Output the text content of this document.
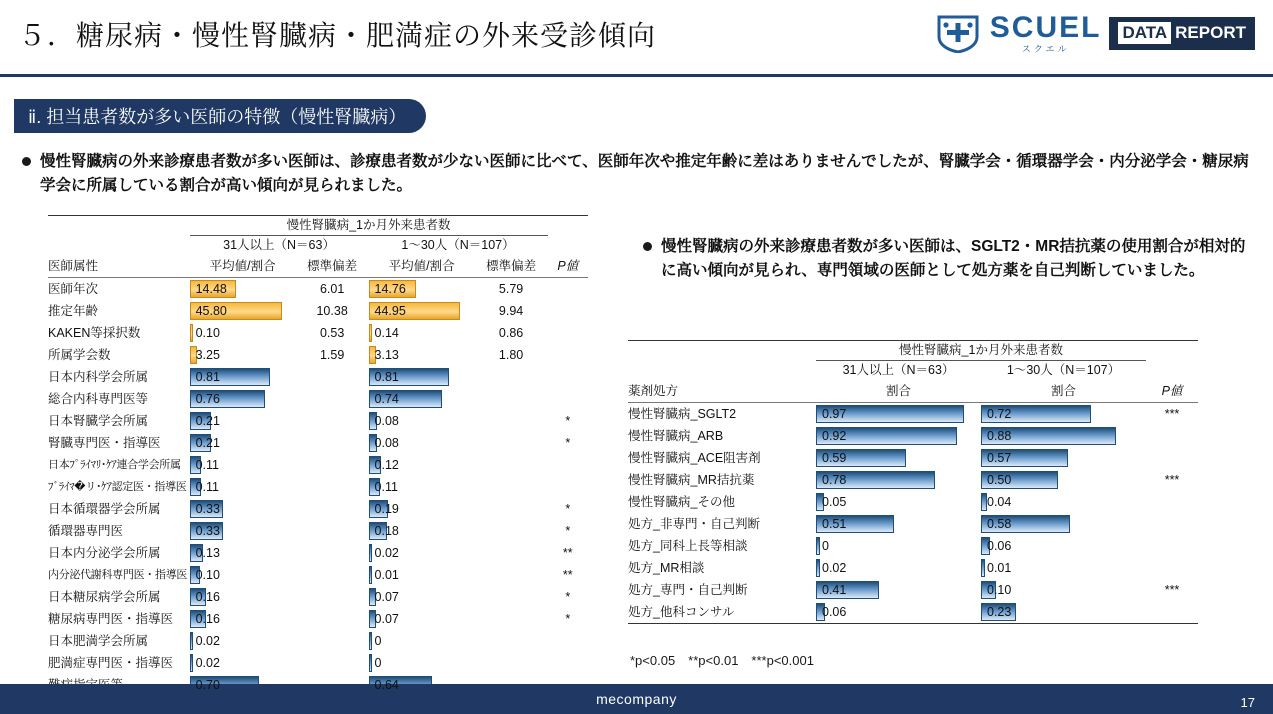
５．糖尿病・慢性腎臓病・肥満症の外来受診傾向	SCUEL
スクエル
DATA REPORT
ⅱ. 担当患者数が多い医師の特徴（慢性腎臓病）
慢性腎臓病の外来診療患者数が多い医師は、診療患者数が少ない医師に比べて、医師年次や推定年齢に差はありませんでしたが、腎臓学会・循環器学会・内分泌学会・糖尿病学会に所属している割合が高い傾向が見られました。
慢性腎臓病の外来診療患者数が多い医師は、SGLT2・MR拮抗薬の使用割合が相対的に高い傾向が見られ、専門領域の医師として処方薬を自己判断していました。
	慢性腎臓病_1か月外来患者数				
	31人以上（N＝63）		1～30人（N＝107）		
医師属性	平均値/割合	標準偏差	平均値/割合	標準偏差	P値
医師年次	14.48	6.01	14.76	5.79	
推定年齢	45.80	10.38	44.95	9.94	
KAKEN等採択数	0.10	0.53	0.14	0.86	
所属学会数	3.25	1.59	3.13	1.80	
日本内科学会所属	0.81		0.81		

総合内科専門医等	0.76		0.74		

日本腎臓学会所属	0.21		0.08		*
腎臓専門医・指導医	0.21		0.08		*
日本ﾌﾟﾗｲﾏﾘ･ｹｱ連合学会所属	0.11		0.12		

ﾌﾞﾗｲﾏ�リ･ｹｱ認定医・指導医	0.11		0.11		

日本循環器学会所属	0.33		0.19		*
循環器専門医	0.33		0.18		*
日本内分泌学会所属	0.13		0.02		**
内分泌代謝科専門医・指導医	0.10		0.01		**
日本糖尿病学会所属	0.16		0.07		*
糖尿病専門医・指導医	0.16		0.07		*
日本肥満学会所属	0.02		0		

肥満症専門医・指導医	0.02		0		

0.70		0.64		

	慢性腎臓病_1か月外来患者数		
	31人以上（N＝63）	1～30人（N＝107）	
薬剤処方	割合	割合	P値
慢性腎臓病_SGLT2	0.97	0.72	***
慢性腎臓病_ARB	0.92	0.88	

慢性腎臓病_ACE阻害剤	0.59	0.57	

慢性腎臓病_MR拮抗薬	0.78	0.50	***
慢性腎臓病_その他	0.05	0.04	

処方_非専門・自己判断	0.51	0.58	

処方_同科上長等相談	0	0.06	

処方_MR相談	0.02	0.01	

処方_専門・自己判断	0.41	0.10	***
処方_他科コンサル	0.06	0.23	

*p<0.05　**p<0.01　***p<0.001
mecompany	17
